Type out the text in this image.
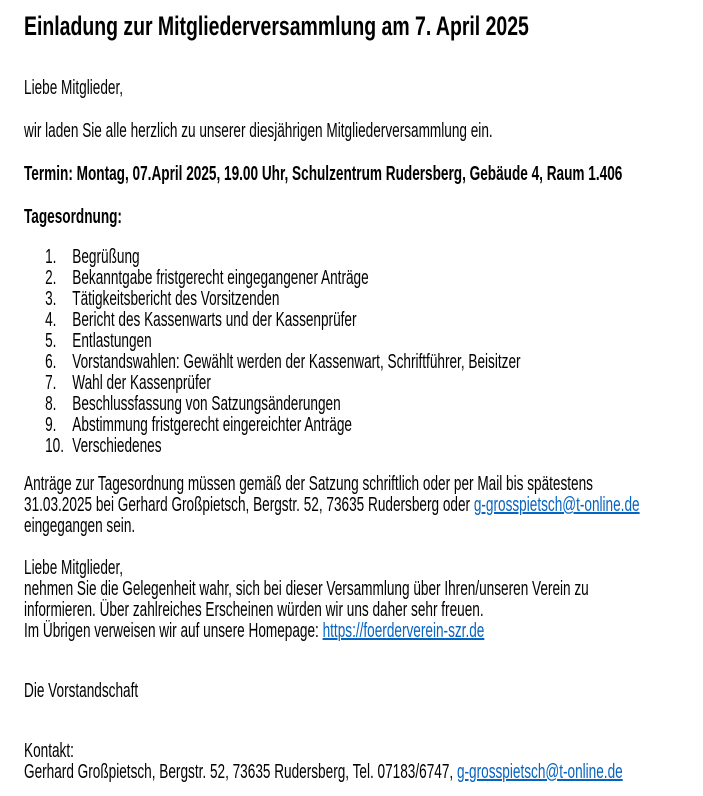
Einladung zur Mitgliederversammlung am 7. April 2025
Liebe Mitglieder,
wir laden Sie alle herzlich zu unserer diesjährigen Mitgliederversammlung ein.
Termin: Montag, 07.April 2025, 19.00 Uhr, Schulzentrum Rudersberg, Gebäude 4, Raum 1.406
Tagesordnung:
1. Begrüßung
2. Bekanntgabe fristgerecht eingegangener Anträge
3. Tätigkeitsbericht des Vorsitzenden
4. Bericht des Kassenwarts und der Kassenprüfer
5. Entlastungen
6. Vorstandswahlen: Gewählt werden der Kassenwart, Schriftführer, Beisitzer
7. Wahl der Kassenprüfer
8. Beschlussfassung von Satzungsänderungen
9. Abstimmung fristgerecht eingereichter Anträge
10. Verschiedenes
Anträge zur Tagesordnung müssen gemäß der Satzung schriftlich oder per Mail bis spätestens
31.03.2025 bei Gerhard Großpietsch, Bergstr. 52, 73635 Rudersberg oder g-grosspietsch@t-online.de
eingegangen sein.
Liebe Mitglieder,
nehmen Sie die Gelegenheit wahr, sich bei dieser Versammlung über Ihren/unseren Verein zu
informieren. Über zahlreiches Erscheinen würden wir uns daher sehr freuen.
Im Übrigen verweisen wir auf unsere Homepage: https://foerderverein-szr.de
Die Vorstandschaft
Kontakt:
Gerhard Großpietsch, Bergstr. 52, 73635 Rudersberg, Tel. 07183/6747, g-grosspietsch@t-online.de
